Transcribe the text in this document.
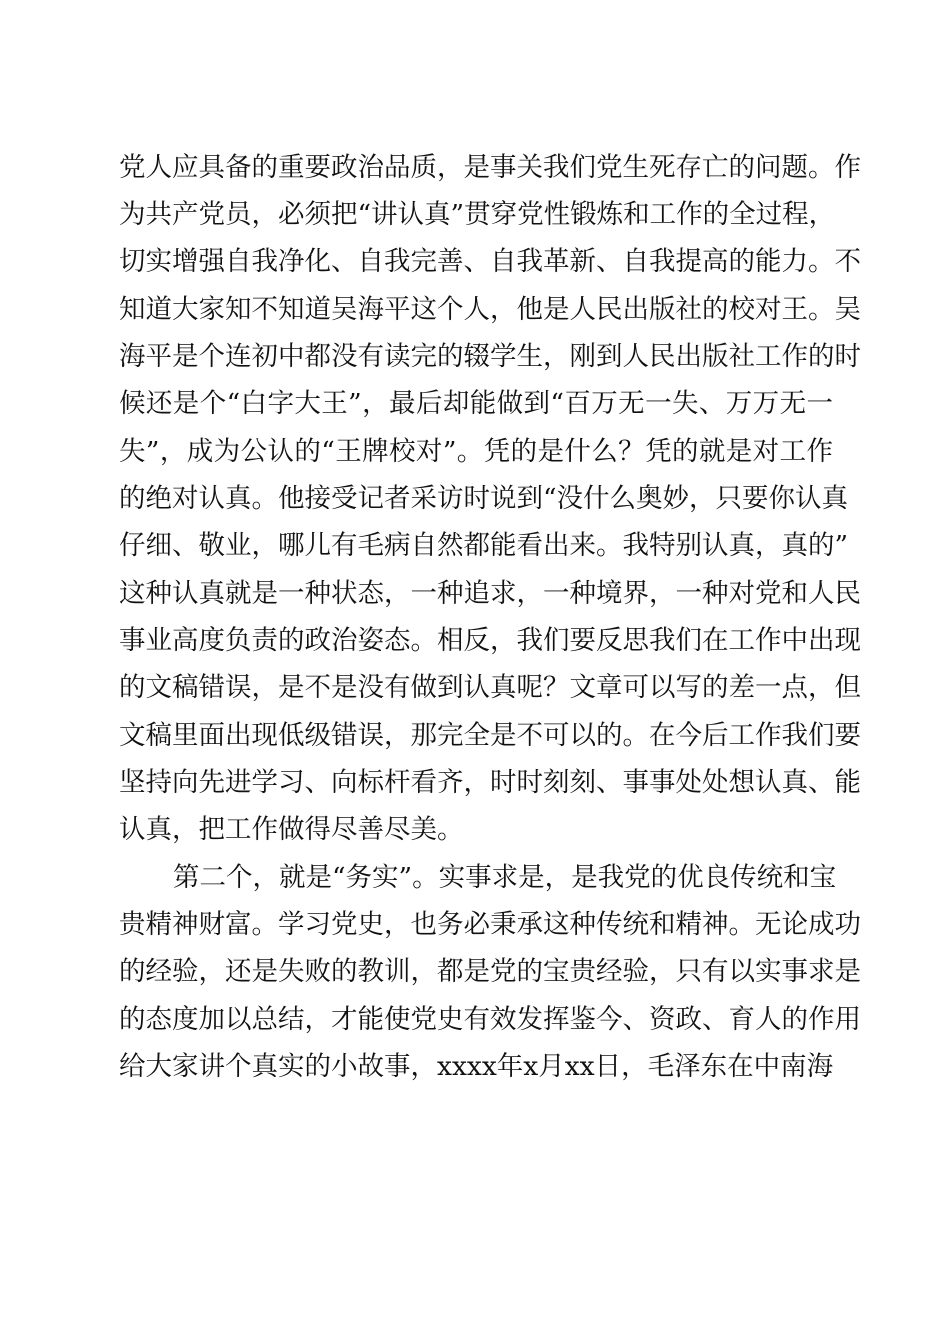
党人应具备的重要政治品质，是事关我们党生死存亡的问题。作
为共产党员，必须把“讲认真”贯穿党性锻炼和工作的全过程，
切实增强自我净化、自我完善、自我革新、自我提高的能力。不
知道大家知不知道吴海平这个人，他是人民出版社的校对王。吴
海平是个连初中都没有读完的辍学生，刚到人民出版社工作的时
候还是个“白字大王”，最后却能做到“百万无一失、万万无一
失”，成为公认的“王牌校对”。凭的是什么？凭的就是对工作
的绝对认真。他接受记者采访时说到“没什么奥妙，只要你认真
仔细、敬业，哪儿有毛病自然都能看出来。我特别认真，真的”
这种认真就是一种状态，一种追求，一种境界，一种对党和人民
事业高度负责的政治姿态。相反，我们要反思我们在工作中出现
的文稿错误，是不是没有做到认真呢？文章可以写的差一点，但
文稿里面出现低级错误，那完全是不可以的。在今后工作我们要
坚持向先进学习、向标杆看齐，时时刻刻、事事处处想认真、能
认真，把工作做得尽善尽美。
第二个，就是“务实”。实事求是，是我党的优良传统和宝
贵精神财富。学习党史，也务必秉承这种传统和精神。无论成功
的经验，还是失败的教训，都是党的宝贵经验，只有以实事求是
的态度加以总结，才能使党史有效发挥鉴今、资政、育人的作用
给大家讲个真实的小故事，xxxx年x月xx日，毛泽东在中南海
